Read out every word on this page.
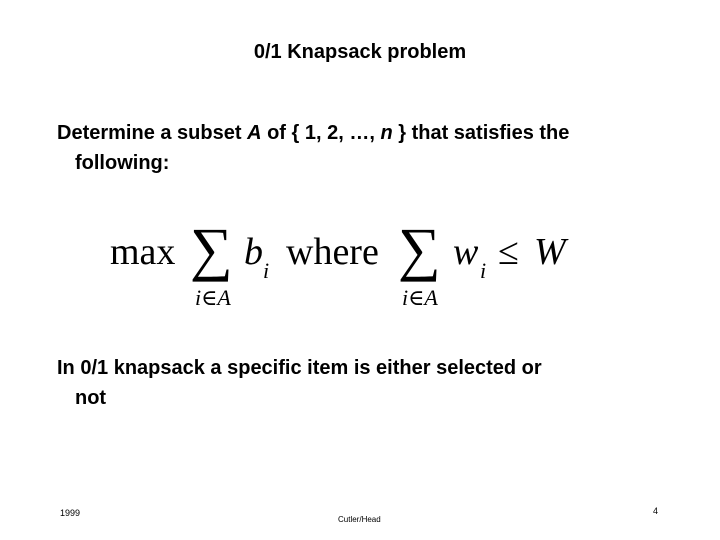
0/1 Knapsack problem
Determine a subset A of { 1, 2, …, n } that satisfies the
following:
max ∑ b i where ∑ w i ≤ W
i∈A	i∈A
In 0/1 knapsack a specific item is either selected or
not
1999
Cutler/Head
4
